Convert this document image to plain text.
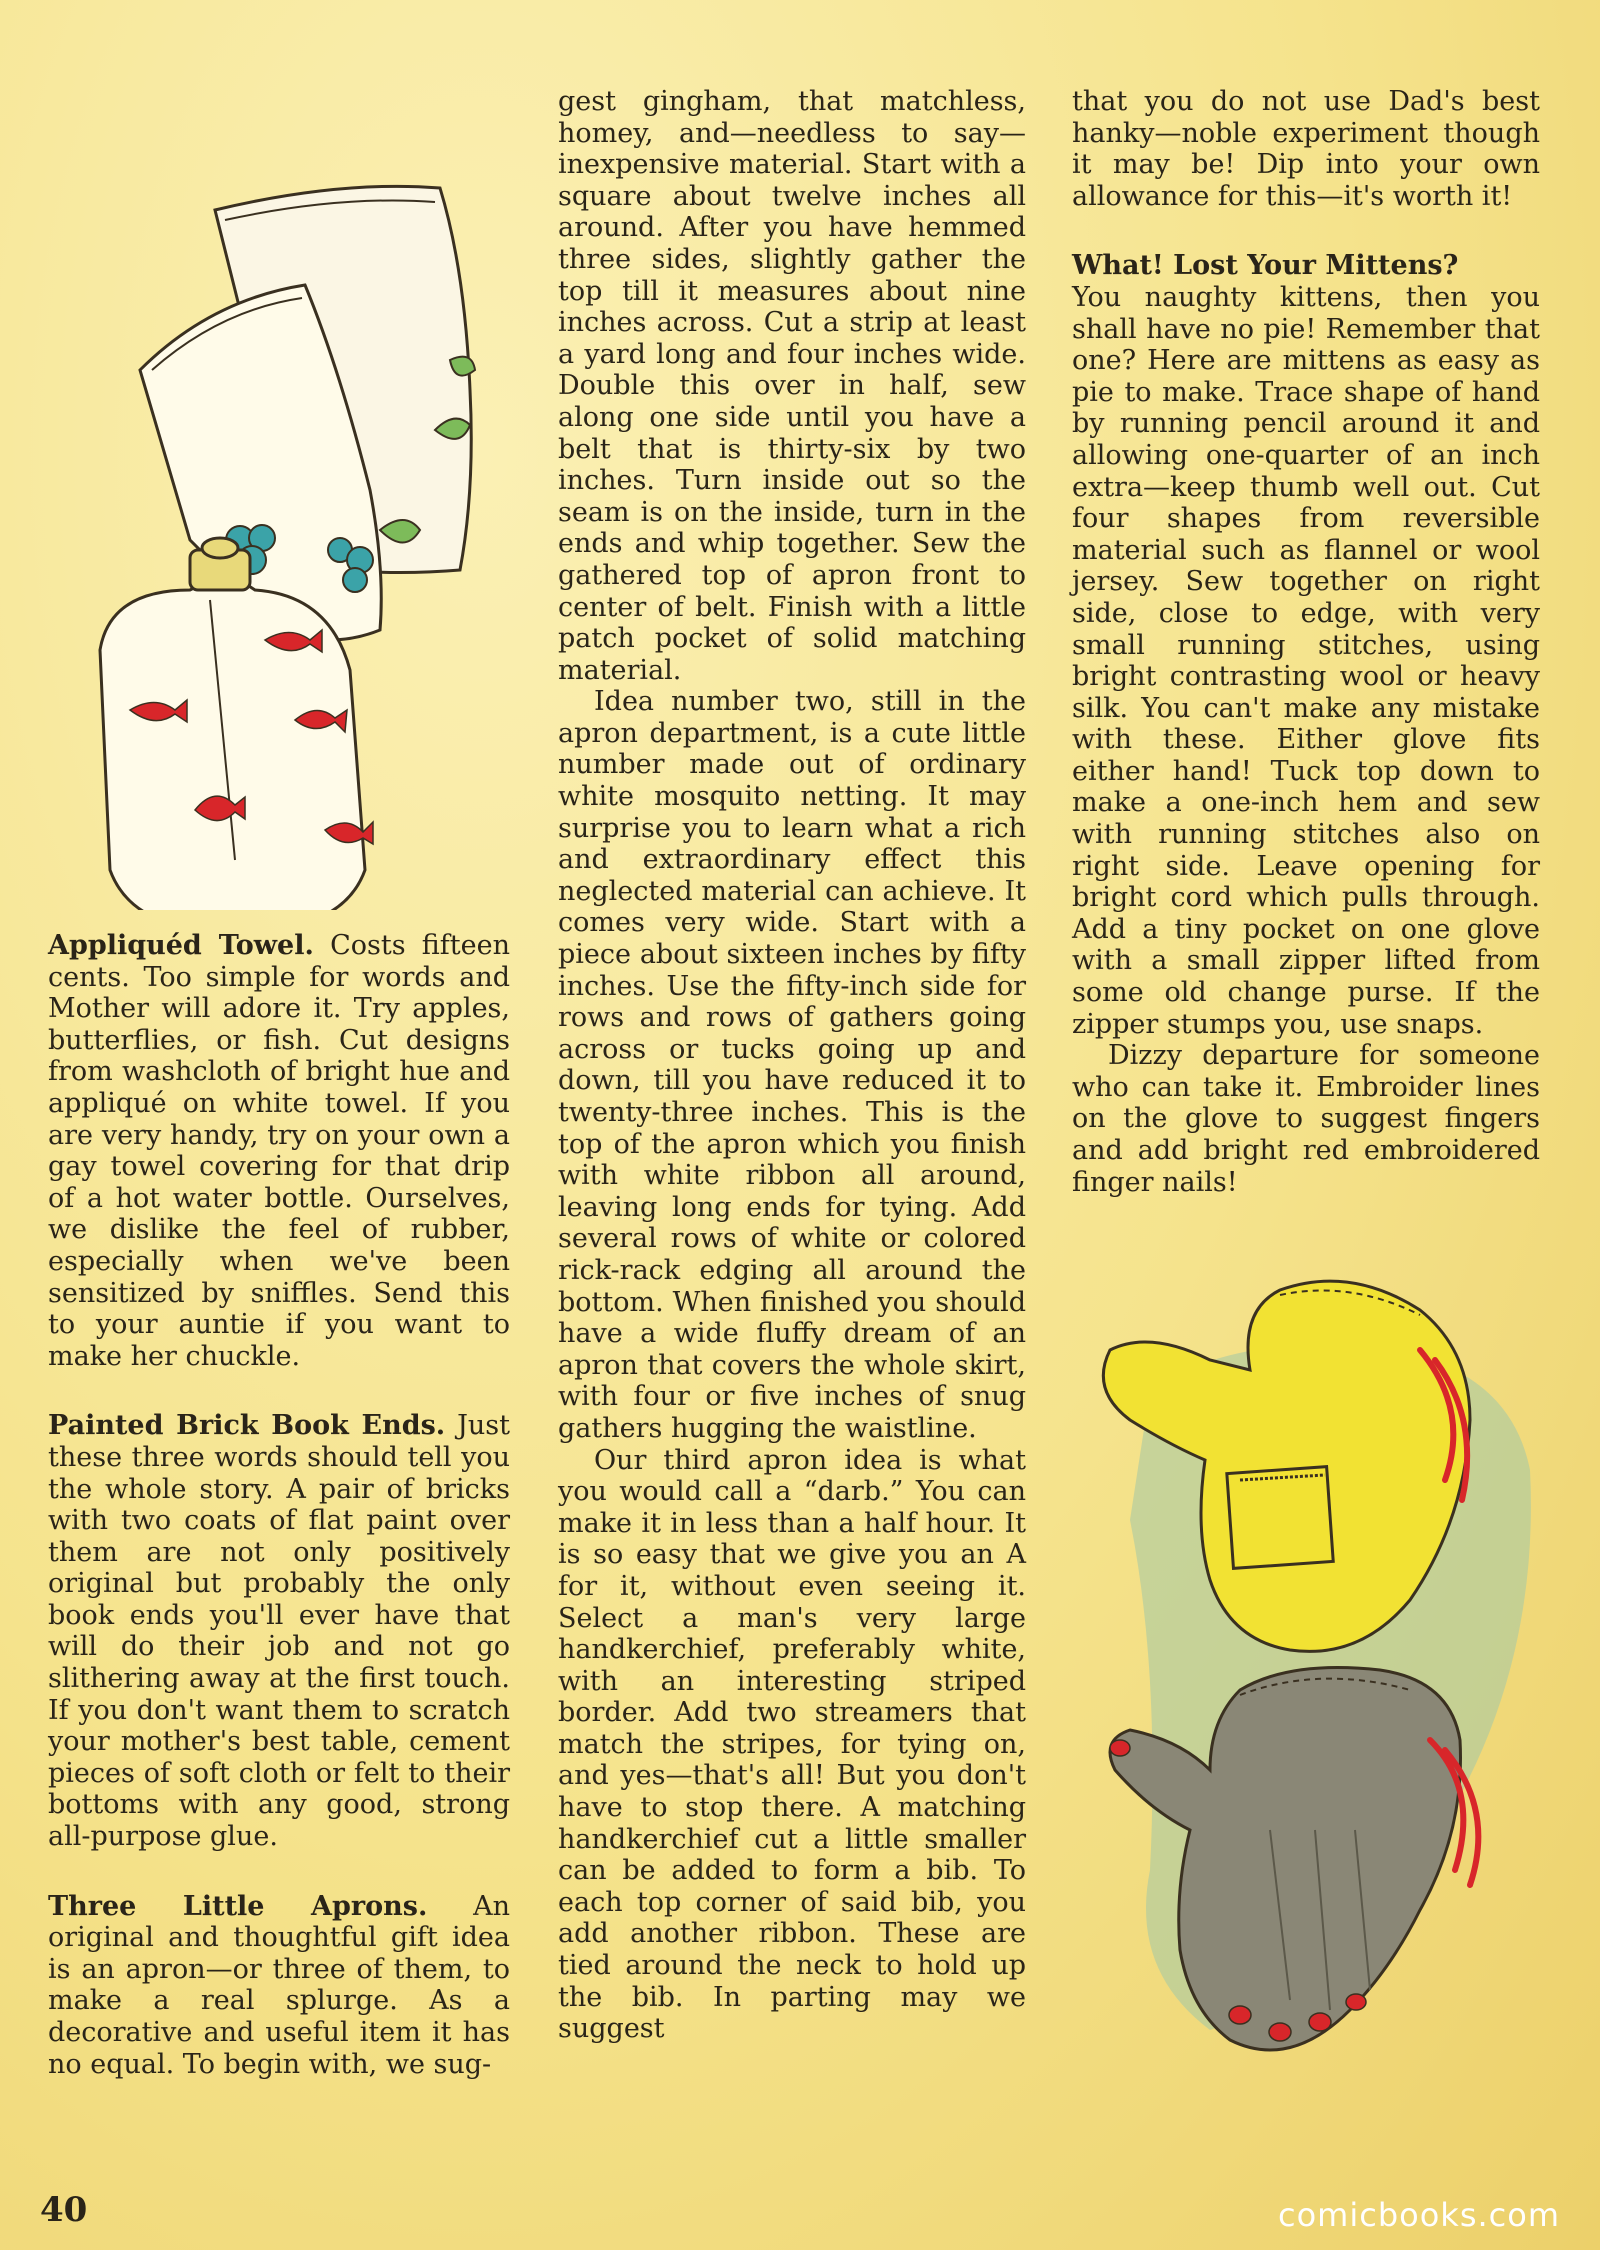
Appliquéd Towel. Costs fifteen cents. Too simple for words and Mother will adore it. Try apples, butterflies, or fish. Cut designs from washcloth of bright hue and appliqué on white towel. If you are very handy, try on your own a gay towel covering for that drip of a hot water bottle. Ourselves, we dislike the feel of rubber, especially when we've been sensitized by sniffles. Send this to your auntie if you want to make her chuckle.

Painted Brick Book Ends. Just these three words should tell you the whole story. A pair of bricks with two coats of flat paint over them are not only positively original but probably the only book ends you'll ever have that will do their job and not go slithering away at the first touch. If you don't want them to scratch your mother's best table, cement pieces of soft cloth or felt to their bottoms with any good, strong all-purpose glue.

Three Little Aprons. An original and thoughtful gift idea is an apron—or three of them, to make a real splurge. As a decorative and useful item it has no equal. To begin with, we sug-

gest gingham, that matchless, homey, and—needless to say—inexpensive material. Start with a square about twelve inches all around. After you have hemmed three sides, slightly gather the top till it measures about nine inches across. Cut a strip at least a yard long and four inches wide. Double this over in half, sew along one side until you have a belt that is thirty-six by two inches. Turn inside out so the seam is on the inside, turn in the ends and whip together. Sew the gathered top of apron front to center of belt. Finish with a little patch pocket of solid matching material.

Idea number two, still in the apron department, is a cute little number made out of ordinary white mosquito netting. It may surprise you to learn what a rich and extraordinary effect this neglected material can achieve. It comes very wide. Start with a piece about sixteen inches by fifty inches. Use the fifty-inch side for rows and rows of gathers going across or tucks going up and down, till you have reduced it to twenty-three inches. This is the top of the apron which you finish with white ribbon all around, leaving long ends for tying. Add several rows of white or colored rick-rack edging all around the bottom. When finished you should have a wide fluffy dream of an apron that covers the whole skirt, with four or five inches of snug gathers hugging the waistline.

Our third apron idea is what you would call a “darb.” You can make it in less than a half hour. It is so easy that we give you an A for it, without even seeing it. Select a man's very large handkerchief, preferably white, with an interesting striped border. Add two streamers that match the stripes, for tying on, and yes—that's all! But you don't have to stop there. A matching handkerchief cut a little smaller can be added to form a bib. To each top corner of said bib, you add another ribbon. These are tied around the neck to hold up the bib. In parting may we suggest

that you do not use Dad's best hanky—noble experiment though it may be! Dip into your own allowance for this—it's worth it!

What! Lost Your Mittens?

You naughty kittens, then you shall have no pie! Remember that one? Here are mittens as easy as pie to make. Trace shape of hand by running pencil around it and allowing one-quarter of an inch extra—keep thumb well out. Cut four shapes from reversible material such as flannel or wool jersey. Sew together on right side, close to edge, with very small running stitches, using bright contrasting wool or heavy silk. You can't make any mistake with these. Either glove fits either hand! Tuck top down to make a one-inch hem and sew with running stitches also on right side. Leave opening for bright cord which pulls through. Add a tiny pocket on one glove with a small zipper lifted from some old change purse. If the zipper stumps you, use snaps.

Dizzy departure for someone who can take it. Embroider lines on the glove to suggest fingers and add bright red embroidered finger nails!

40	comicbooks.com
